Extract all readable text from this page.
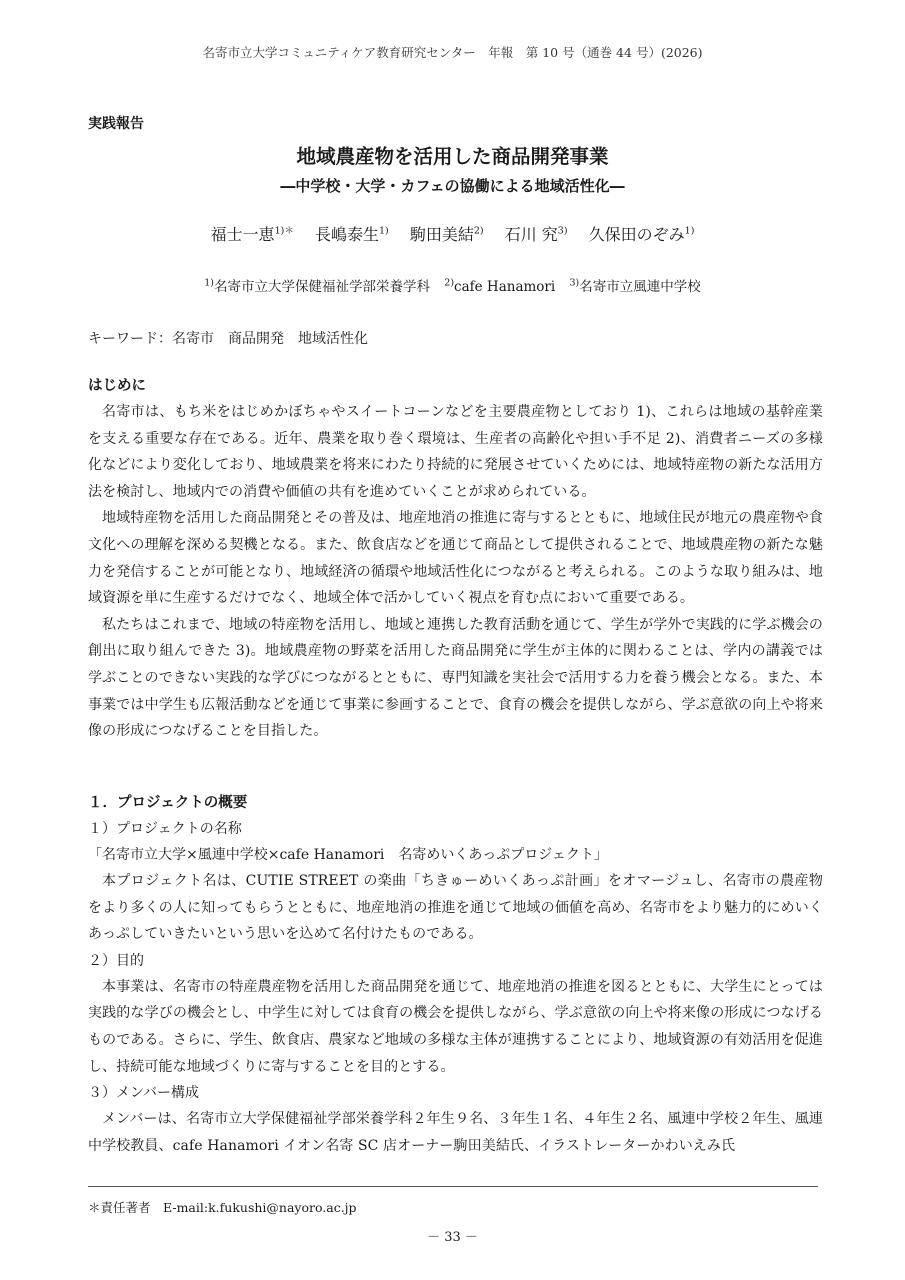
名寄市立大学コミュニティケア教育研究センター　年報　第 10 号（通巻 44 号）(2026)
実践報告
地域農産物を活用した商品開発事業
―中学校・大学・カフェの協働による地域活性化―
福士一恵$^{1)*}$ 長嶋泰生$^{1)}$ 駒田美結$^{2)}$ 石川 究$^{3)}$ 久保田のぞみ$^{1)}$
$^{1)}$名寄市立大学保健福祉学部栄養学科 $^{2)}$cafe Hanamori $^{3)}$名寄市立風連中学校
キーワード：名寄市　商品開発　地域活性化
はじめに

名寄市は、もち米をはじめかぼちゃやスイートコーンなどを主要農産物としており 1)、これらは地域の基幹産業を支える重要な存在である。近年、農業を取り巻く環境は、生産者の高齢化や担い手不足 2)、消費者ニーズの多様化などにより変化しており、地域農業を将来にわたり持続的に発展させていくためには、地域特産物の新たな活用方法を検討し、地域内での消費や価値の共有を進めていくことが求められている。

地域特産物を活用した商品開発とその普及は、地産地消の推進に寄与するとともに、地域住民が地元の農産物や食文化への理解を深める契機となる。また、飲食店などを通じて商品として提供されることで、地域農産物の新たな魅力を発信することが可能となり、地域経済の循環や地域活性化につながると考えられる。このような取り組みは、地域資源を単に生産するだけでなく、地域全体で活かしていく視点を育む点において重要である。

私たちはこれまで、地域の特産物を活用し、地域と連携した教育活動を通じて、学生が学外で実践的に学ぶ機会の創出に取り組んできた 3)。地域農産物の野菜を活用した商品開発に学生が主体的に関わることは、学内の講義では学ぶことのできない実践的な学びにつながるとともに、専門知識を実社会で活用する力を養う機会となる。また、本事業では中学生も広報活動などを通じて事業に参画することで、食育の機会を提供しながら、学ぶ意欲の向上や将来像の形成につなげることを目指した。

１．プロジェクトの概要
１）プロジェクトの名称
「名寄市立大学×風連中学校×cafe Hanamori　名寄めいくあっぷプロジェクト」

本プロジェクト名は、CUTIE STREET の楽曲「ちきゅーめいくあっぷ計画」をオマージュし、名寄市の農産物をより多くの人に知ってもらうとともに、地産地消の推進を通じて地域の価値を高め、名寄市をより魅力的にめいくあっぷしていきたいという思いを込めて名付けたものである。

２）目的

本事業は、名寄市の特産農産物を活用した商品開発を通じて、地産地消の推進を図るとともに、大学生にとっては実践的な学びの機会とし、中学生に対しては食育の機会を提供しながら、学ぶ意欲の向上や将来像の形成につなげるものである。さらに、学生、飲食店、農家など地域の多様な主体が連携することにより、地域資源の有効活用を促進し、持続可能な地域づくりに寄与することを目的とする。

３）メンバー構成

メンバーは、名寄市立大学保健福祉学部栄養学科２年生９名、３年生１名、４年生２名、風連中学校２年生、風連中学校教員、cafe Hanamori イオン名寄 SC 店オーナー駒田美結氏、イラストレーターかわいえみ氏

＊責任著者　E-mail:k.fukushi@nayoro.ac.jp
－ 33 －
